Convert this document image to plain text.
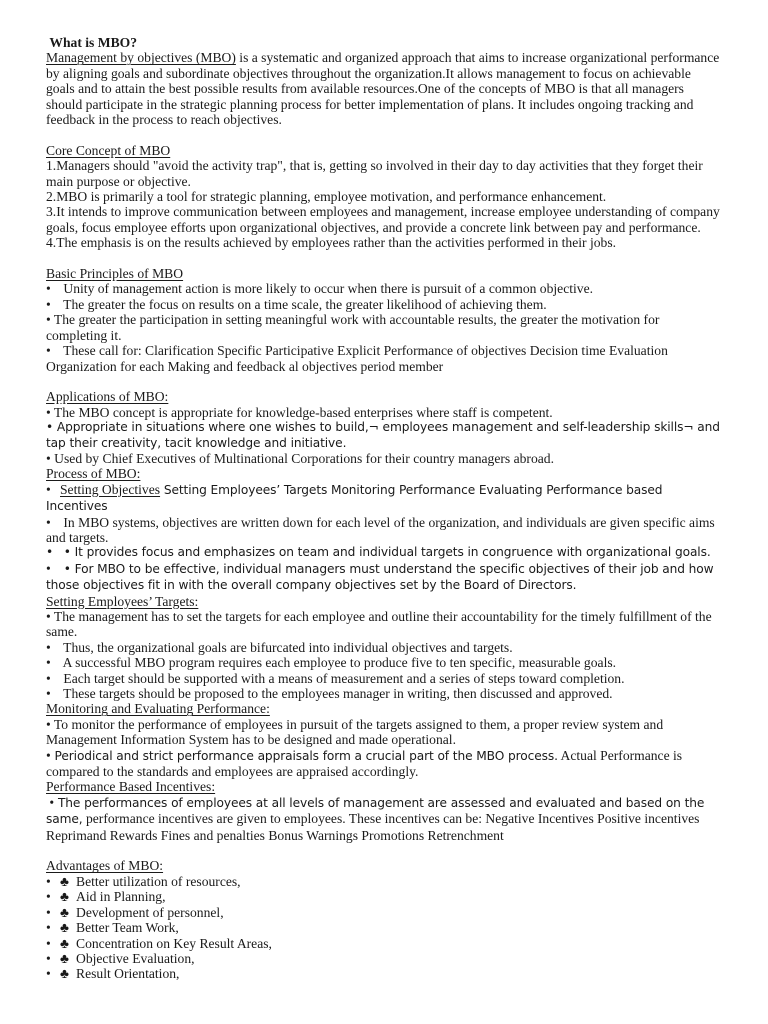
What is MBO?

Management by objectives (MBO) is a systematic and organized approach that aims to increase organizational performance by aligning goals and subordinate objectives throughout the organization.It allows management to focus on achievable goals and to attain the best possible results from available resources.One of the concepts of MBO is that all managers should participate in the strategic planning process for better implementation of plans. It includes ongoing tracking and feedback in the process to reach objectives.

Core Concept of MBO

1.Managers should "avoid the activity trap", that is, getting so involved in their day to day activities that they forget their main purpose or objective.

2.MBO is primarily a tool for strategic planning, employee motivation, and performance enhancement.

3.It intends to improve communication between employees and management, increase employee understanding of company goals, focus employee efforts upon organizational objectives, and provide a concrete link between pay and performance.

4.The emphasis is on the results achieved by employees rather than the activities performed in their jobs.

Basic Principles of MBO

• Unity of management action is more likely to occur when there is pursuit of a common objective.

• The greater the focus on results on a time scale, the greater likelihood of achieving them.

• The greater the participation in setting meaningful work with accountable results, the greater the motivation for completing it.

• These call for: Clarification Specific Participative Explicit Performance of objectives Decision time Evaluation Organization for each Making and feedback al objectives period member

Applications of MBO:

• The MBO concept is appropriate for knowledge-based enterprises where staff is competent.

• Appropriate in situations where one wishes to build,¬ employees management and self-leadership skills¬ and tap their creativity, tacit knowledge and initiative.

• Used by Chief Executives of Multinational Corporations for their country managers abroad.

Process of MBO:

• Setting Objectives Setting Employees’ Targets Monitoring Performance Evaluating Performance based Incentives

• In MBO systems, objectives are written down for each level of the organization, and individuals are given specific aims and targets.

• • It provides focus and emphasizes on team and individual targets in congruence with organizational goals.

• • For MBO to be effective, individual managers must understand the specific objectives of their job and how those objectives fit in with the overall company objectives set by the Board of Directors.

Setting Employees’ Targets:

• The management has to set the targets for each employee and outline their accountability for the timely fulfillment of the same.

• Thus, the organizational goals are bifurcated into individual objectives and targets.

• A successful MBO program requires each employee to produce five to ten specific, measurable goals.

• Each target should be supported with a means of measurement and a series of steps toward completion.

• These targets should be proposed to the employees manager in writing, then discussed and approved.

Monitoring and Evaluating Performance:

• To monitor the performance of employees in pursuit of the targets assigned to them, a proper review system and Management Information System has to be designed and made operational.

• Periodical and strict performance appraisals form a crucial part of the MBO process. Actual Performance is compared to the standards and employees are appraised accordingly.

Performance Based Incentives:

• The performances of employees at all levels of management are assessed and evaluated and based on the same, performance incentives are given to employees. These incentives can be: Negative Incentives Positive incentives Reprimand Rewards Fines and penalties Bonus Warnings Promotions Retrenchment

Advantages of MBO:

• ♣ Better utilization of resources,

• ♣ Aid in Planning,

• ♣ Development of personnel,

• ♣ Better Team Work,

• ♣ Concentration on Key Result Areas,

• ♣ Objective Evaluation,

• ♣ Result Orientation,
